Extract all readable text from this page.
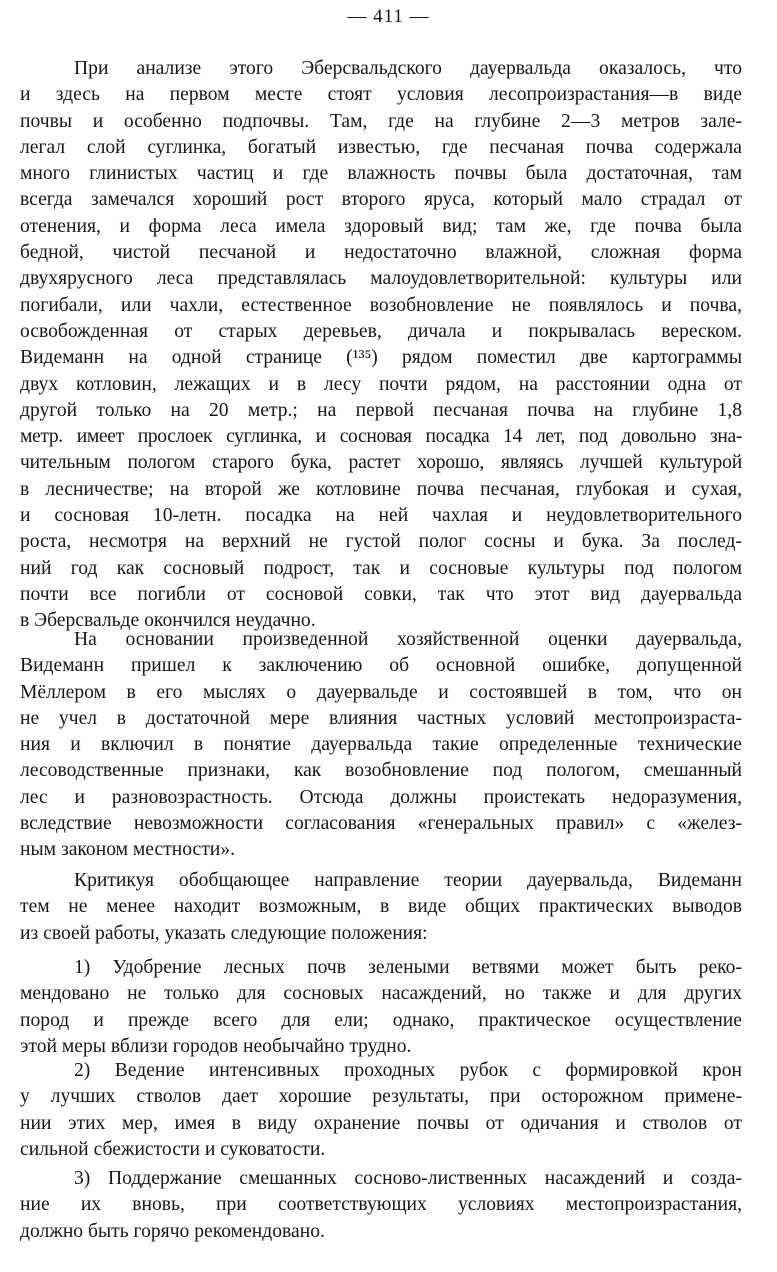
— 411 —
При анализе этого Эберсвальдского дауервальда оказалось, что
и здесь на первом месте стоят условия лесопроизрастания—в виде
почвы и особенно подпочвы. Там, где на глубине 2—3 метров зале-
легал слой суглинка, богатый известью, где песчаная почва содержала
много глинистых частиц и где влажность почвы была достаточная, там
всегда замечался хороший рост второго яруса, который мало страдал от
отенения, и форма леса имела здоровый вид; там же, где почва была
бедной, чистой песчаной и недостаточно влажной, сложная форма
двухярусного леса представлялась малоудовлетворительной: культуры или
погибали, или чахли, естественное возобновление не появлялось и почва,
освобожденная от старых деревьев, дичала и покрывалась вереском.
Видеманн на одной странице (¹³⁵) рядом поместил две картограммы
двух котловин, лежащих и в лесу почти рядом, на расстоянии одна от
другой только на 20 метр.; на первой песчаная почва на глубине 1,8
метр. имеет прослоек суглинка, и сосновая посадка 14 лет, под довольно зна-
чительным пологом старого бука, растет хорошо, являясь лучшей культурой
в лесничестве; на второй же котловине почва песчаная, глубокая и сухая,
и сосновая 10-летн. посадка на ней чахлая и неудовлетворительного
роста, несмотря на верхний не густой полог сосны и бука. За послед-
ний год как сосновый подрост, так и сосновые культуры под пологом
почти все погибли от сосновой совки, так что этот вид дауервальда
в Эберсвальде окончился неудачно.
На основании произведенной хозяйственной оценки дауервальда,
Видеманн пришел к заключению об основной ошибке, допущенной
Мёллером в его мыслях о дауервальде и состоявшей в том, что он
не учел в достаточной мере влияния частных условий местопроизраста-
ния и включил в понятие дауервальда такие определенные технические
лесоводственные признаки, как возобновление под пологом, смешанный
лес и разновозрастность. Отсюда должны проистекать недоразумения,
вследствие невозможности согласования «генеральных правил» с «желез-
ным законом местности».
Критикуя обобщающее направление теории дауервальда, Видеманн
тем не менее находит возможным, в виде общих практических выводов
из своей работы, указать следующие положения:
1) Удобрение лесных почв зелеными ветвями может быть реко-
мендовано не только для сосновых насаждений, но также и для других
пород и прежде всего для ели; однако, практическое осуществление
этой меры вблизи городов необычайно трудно.
2) Ведение интенсивных проходных рубок с формировкой крон
у лучших стволов дает хорошие результаты, при осторожном примене-
нии этих мер, имея в виду охранение почвы от одичания и стволов от
сильной сбежистости и суковатости.
3) Поддержание смешанных сосново-лиственных насаждений и созда-
ние их вновь, при соответствующих условиях местопроизрастания,
должно быть горячо рекомендовано.
